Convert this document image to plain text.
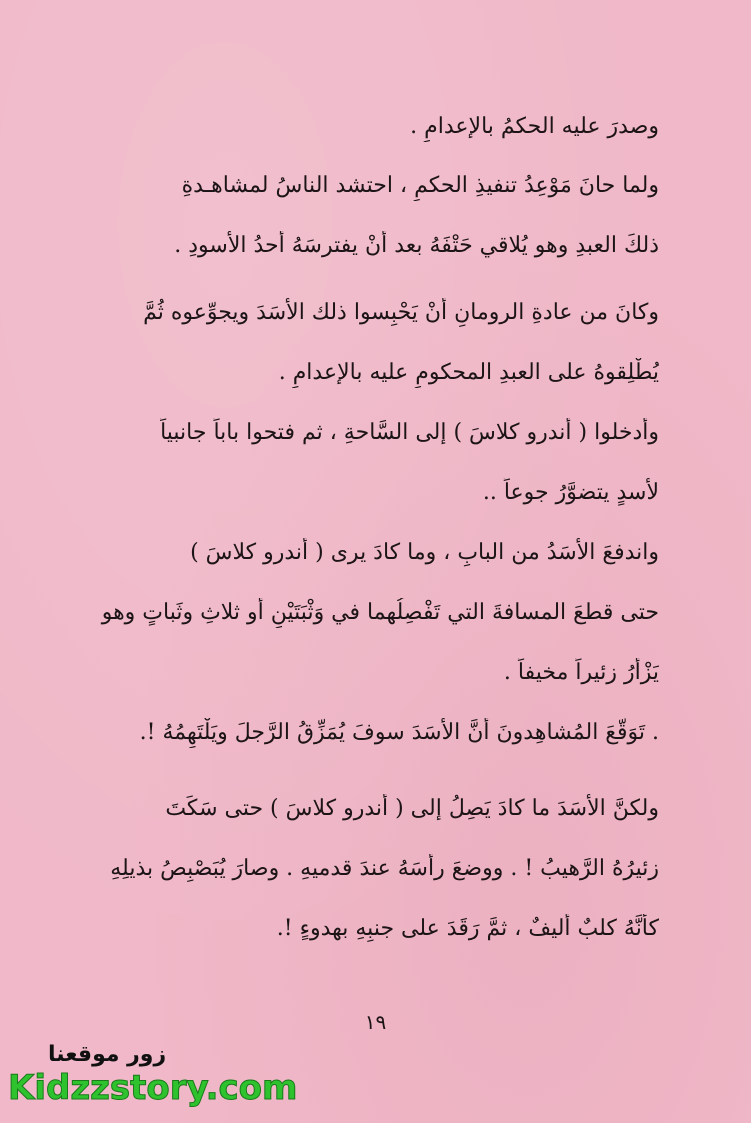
وصدرَ عليه الحكمُ بالإعدامِ .
ولما حانَ مَوْعِدُ تنفيذِ الحكمِ ، احتشد الناسُ لمشاهـدةِ
ذلكَ العبدِ وهو يُلاقي حَتْفَهُ بعد أنْ يفترسَهُ أحدُ الأسودِ .
وكانَ من عادةِ الرومانِ أنْ يَحْبِسوا ذلك الأسَدَ ويجوِّعوه ثُمَّ
يُطْلِقوهُ على العبدِ المحكومِ عليه بالإعدامِ .
وأدخلوا ( أندرو كلاسَ ) إلى السَّاحةِ ، ثم فتحوا باباً جانبياً
لأسدٍ يتضوَّرُ جوعاً ..
واندفعَ الأسَدُ من البابِ ، وما كادَ يرى ( أندرو كلاسَ )
حتى قطعَ المسافةَ التي تَفْصِلُهما في وَثْبَتَيْنِ أو ثلاثِ وثَباتٍ وهو
يَزْأَرُ زئيراً مخيفاً .
. تَوَقَّعَ المُشاهِدونَ أنَّ الأسَدَ سوفَ يُمَزِّقُ الرَّجلَ ويَلْتَهِمُهُ !.
ولكنَّ الأسَدَ ما كادَ يَصِلُ إلى ( أندرو كلاسَ ) حتى سَكَتَ
زئيرُهُ الرَّهيبُ ! . ووضعَ رأسَهُ عندَ قدميهِ . وصارَ يُبَصْبِصُ بذيلِهِ
كأنَّهُ كلبٌ أليفٌ ، ثمَّ رَقَدَ على جنبِهِ بهدوءٍ !.
١٩
زور موقعنا
Kidzzstory.com
